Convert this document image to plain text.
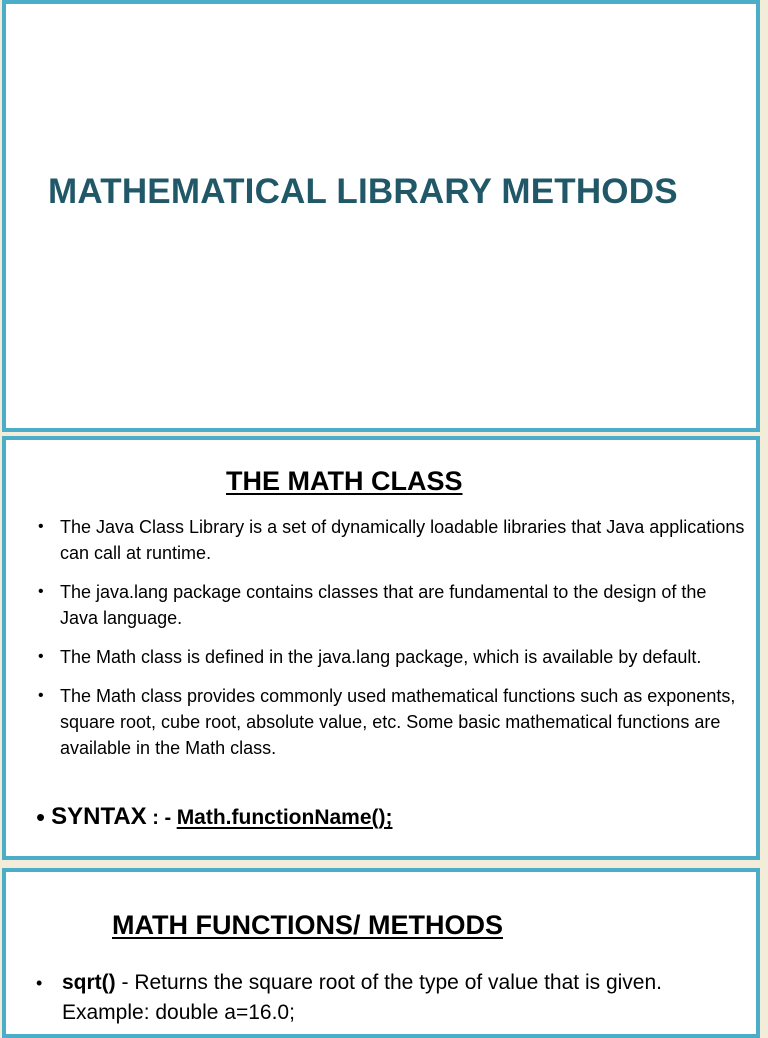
MATHEMATICAL LIBRARY METHODS
THE MATH CLASS
• The Java Class Library is a set of dynamically loadable libraries that Java applications can call at runtime.
• The java.lang package contains classes that are fundamental to the design of the Java language.
• The Math class is defined in the java.lang package, which is available by default.
• The Math class provides commonly used mathematical functions such as exponents, square root, cube root, absolute value, etc. Some basic mathematical functions are available in the Math class.
• SYNTAX : - Math.functionName();
MATH FUNCTIONS/ METHODS
• sqrt() - Returns the square root of the type of value that is given. Example: double a=16.0;
